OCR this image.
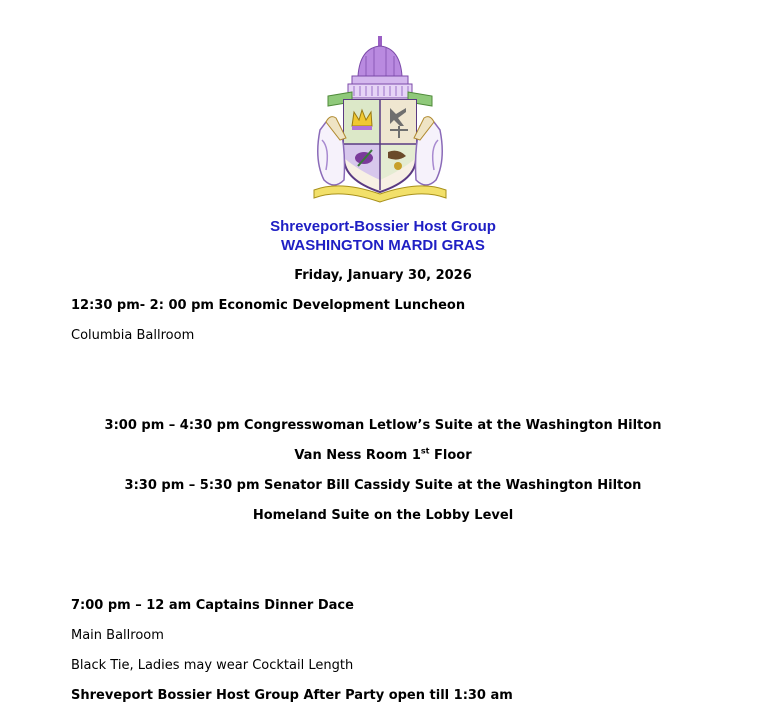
Shreveport-Bossier Host Group
WASHINGTON MARDI GRAS
Friday, January 30, 2026
12:30 pm- 2: 00 pm Economic Development Luncheon
Columbia Ballroom
3:00 pm – 4:30 pm Congresswoman Letlow’s Suite at the Washington Hilton
Van Ness Room 1st Floor
3:30 pm – 5:30 pm Senator Bill Cassidy Suite at the Washington Hilton
Homeland Suite on the Lobby Level
7:00 pm – 12 am Captains Dinner Dace
Main Ballroom
Black Tie, Ladies may wear Cocktail Length
Shreveport Bossier Host Group After Party open till 1:30 am
